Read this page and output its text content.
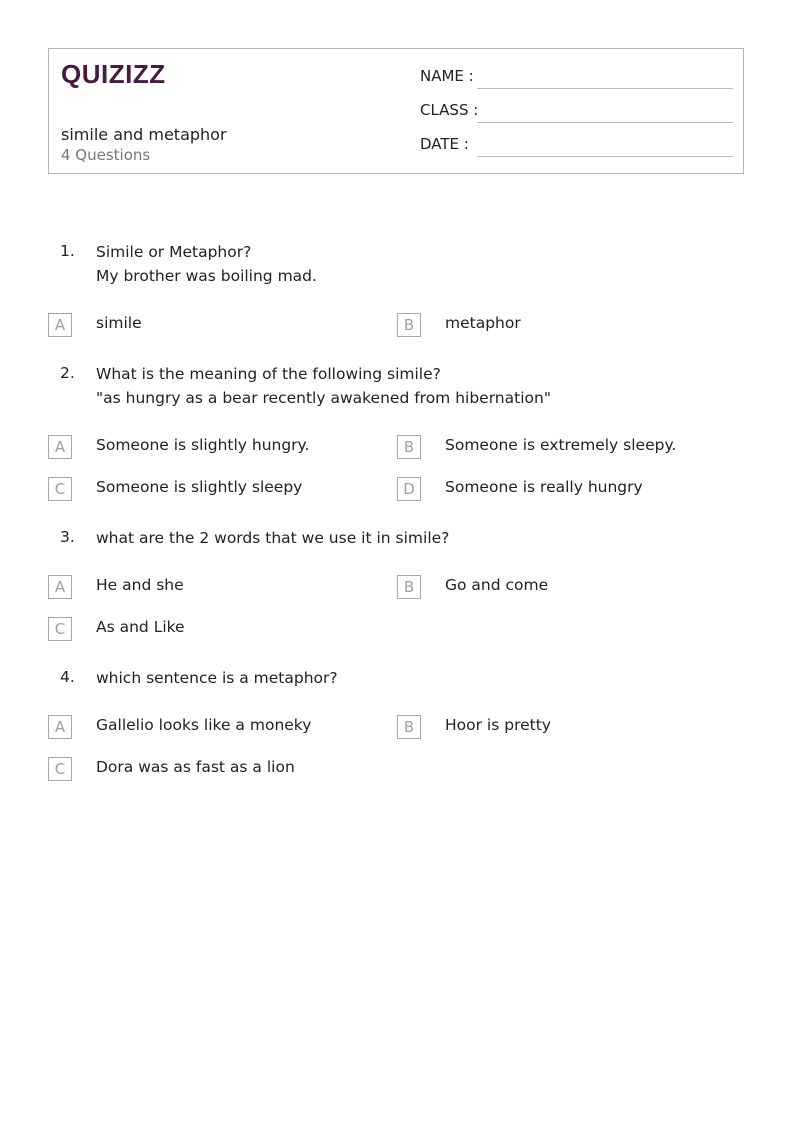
QUIZIZZ
simile and metaphor
4 Questions
NAME :
CLASS :
DATE :
1. Simile or Metaphor?
My brother was boiling mad.
A	simile	B	metaphor
2. What is the meaning of the following simile?
"as hungry as a bear recently awakened from hibernation"
A	Someone is slightly hungry.	B	Someone is extremely sleepy.
C	Someone is slightly sleepy	D	Someone is really hungry
3. what are the 2 words that we use it in simile?
A	He and she	B	Go and come
C	As and Like
4. which sentence is a metaphor?
A	Gallelio looks like a moneky	B	Hoor is pretty
C	Dora was as fast as a lion
